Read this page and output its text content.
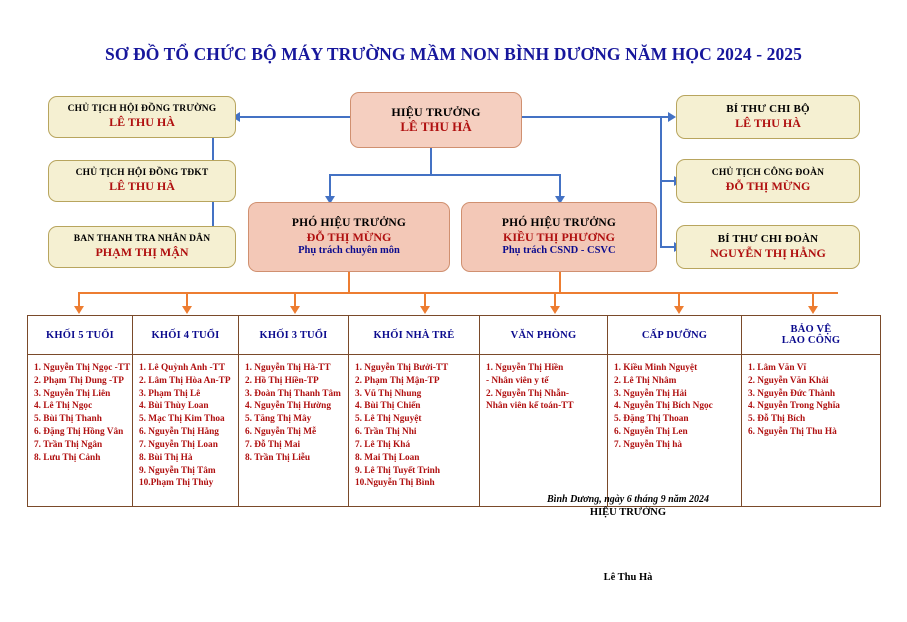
SƠ ĐỒ TỔ CHỨC BỘ MÁY TRƯỜNG MẦM NON BÌNH DƯƠNG NĂM HỌC 2024 - 2025
HIỆU TRƯỞNG
LÊ THU HÀ
CHỦ TỊCH HỘI ĐỒNG TRƯỜNG
LÊ THU HÀ
CHỦ TỊCH HỘI ĐỒNG TĐKT
LÊ THU HÀ
BAN THANH TRA NHÂN DÂN
PHẠM THỊ MẬN
BÍ THƯ CHI BỘ
LÊ THU HÀ
CHỦ TỊCH CÔNG ĐOÀN
ĐỖ THỊ MỪNG
BÍ THƯ CHI ĐOÀN
NGUYỄN THỊ HẰNG
PHÓ HIỆU TRƯỞNG
ĐỖ THỊ MỪNG
Phụ trách chuyên môn
PHÓ HIỆU TRƯỞNG
KIỀU THỊ PHƯƠNG
Phụ trách CSND - CSVC
KHỐI 5 TUỔI	KHỐI 4 TUỔI	KHỐI 3 TUỔI	KHỐI NHÀ TRẺ	VĂN PHÒNG	CẤP DƯỠNG	BẢO VỆ
LAO CÔNG

1. Nguyễn Thị Ngọc -TT
2. Phạm Thị Dung -TP
3. Nguyễn Thị Liên
4. Lê Thị Ngọc
5. Bùi Thị Thanh
6. Đặng Thị Hồng Vân
7. Trần Thị Ngân
8. Lưu Thị Cảnh

1. Lê Quỳnh Anh -TT
2. Lâm Thị Hòa An-TP
3. Phạm Thị Lê
4. Bùi Thùy Loan
5. Mạc Thị Kim Thoa
6. Nguyễn Thị Hằng
7. Nguyễn Thị Loan
8. Bùi Thị Hà
9. Nguyễn Thị Tâm
10.Phạm Thị Thủy

1. Nguyễn Thị Hà-TT
2. Hồ Thị Hiền-TP
3. Đoàn Thị Thanh Tâm
4. Nguyễn Thị Hường
5. Tăng Thị Mây
6. Nguyễn Thị Mễ
7. Đỗ Thị Mai
8. Trần Thị Liễu

1. Nguyễn Thị Bưởi-TT
2. Phạm Thị Mận-TP
3. Vũ Thị Nhung
4. Bùi Thị Chiến
5. Lê Thị Nguyệt
6. Trần Thị Nhi
7. Lê Thị Khá
8. Mai Thị Loan
9. Lê Thị Tuyết Trinh
10.Nguyễn Thị Bình

1. Nguyễn Thị Hiền
- Nhân viên y tế
2. Nguyễn Thị Nhẫn-
Nhân viên kế toán-TT

1. Kiều Minh Nguyệt
2. Lê Thị Nhâm
3. Nguyễn Thị Hải
4. Nguyễn Thị Bích Ngọc
5. Đặng Thị Thoan
6. Nguyễn Thị Len
7. Nguyễn Thị hà

1. Lâm Văn Vĩ
2. Nguyễn Văn Khải
3. Nguyễn Đức Thành
4. Nguyễn Trong Nghĩa
5. Đỗ Thị Bích
6. Nguyễn Thị Thu Hà
Bình Dương, ngày 6 tháng 9 năm 2024
HIỆU TRƯỞNG
Lê Thu Hà
